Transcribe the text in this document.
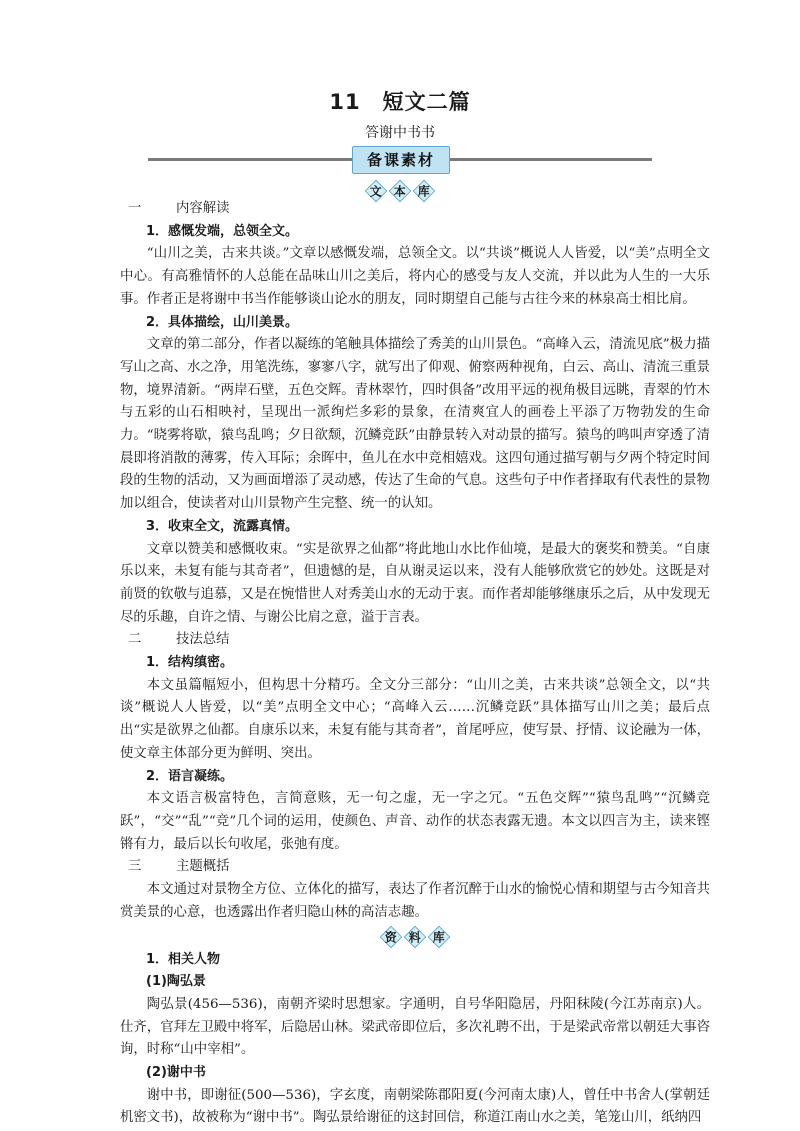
11　短文二篇
答谢中书书
备课素材
文 本 库

一	内容解读

1．感慨发端，总领全文。

“山川之美，古来共谈。”文章以感慨发端，总领全文。以“共谈”概说人人皆爱，以“美”点明全文中心。有高雅情怀的人总能在品味山川之美后，将内心的感受与友人交流，并以此为人生的一大乐事。作者正是将谢中书当作能够谈山论水的朋友，同时期望自己能与古往今来的林泉高士相比肩。

2．具体描绘，山川美景。

文章的第二部分，作者以凝练的笔触具体描绘了秀美的山川景色。“高峰入云，清流见底”极力描写山之高、水之净，用笔洗练，寥寥八字，就写出了仰观、俯察两种视角，白云、高山、清流三重景物，境界清新。“两岸石壁，五色交辉。青林翠竹，四时俱备”改用平远的视角极目远眺，青翠的竹木与五彩的山石相映衬，呈现出一派绚烂多彩的景象，在清爽宜人的画卷上平添了万物勃发的生命力。“晓雾将歇，猿鸟乱鸣；夕日欲颓，沉鳞竞跃”由静景转入对动景的描写。猿鸟的鸣叫声穿透了清晨即将消散的薄雾，传入耳际；余晖中，鱼儿在水中竞相嬉戏。这四句通过描写朝与夕两个特定时间段的生物的活动，又为画面增添了灵动感，传达了生命的气息。这些句子中作者择取有代表性的景物加以组合，使读者对山川景物产生完整、统一的认知。

3．收束全文，流露真情。

文章以赞美和感慨收束。“实是欲界之仙都”将此地山水比作仙境，是最大的褒奖和赞美。“自康乐以来，未复有能与其奇者”，但遗憾的是，自从谢灵运以来，没有人能够欣赏它的妙处。这既是对前贤的钦敬与追慕，又是在惋惜世人对秀美山水的无动于衷。而作者却能够继康乐之后，从中发现无尽的乐趣，自许之情、与谢公比肩之意，溢于言表。

二	技法总结

1．结构缜密。

本文虽篇幅短小，但构思十分精巧。全文分三部分：“山川之美，古来共谈”总领全文，以“共谈”概说人人皆爱，以“美”点明全文中心；“高峰入云……沉鳞竞跃”具体描写山川之美；最后点出“实是欲界之仙都。自康乐以来，未复有能与其奇者”，首尾呼应，使写景、抒情、议论融为一体，使文章主体部分更为鲜明、突出。

2．语言凝练。

本文语言极富特色，言简意赅，无一句之虚，无一字之冗。“五色交辉”“猿鸟乱鸣”“沉鳞竞跃”，“交”“乱”“竞”几个词的运用，使颜色、声音、动作的状态表露无遗。本文以四言为主，读来铿锵有力，最后以长句收尾，张弛有度。

三	主题概括

本文通过对景物全方位、立体化的描写，表达了作者沉醉于山水的愉悦心情和期望与古今知音共赏美景的心意，也透露出作者归隐山林的高洁志趣。

资 料 库

1．相关人物

(1)陶弘景

陶弘景(456—536)，南朝齐梁时思想家。字通明，自号华阳隐居，丹阳秣陵(今江苏南京)人。仕齐，官拜左卫殿中将军，后隐居山林。梁武帝即位后，多次礼聘不出，于是梁武帝常以朝廷大事咨询，时称“山中宰相”。

(2)谢中书

谢中书，即谢征(500—536)，字玄度，南朝梁陈郡阳夏(今河南太康)人，曾任中书舍人(掌朝廷机密文书)，故被称为“谢中书”。陶弘景给谢征的这封回信，称道江南山水之美，笔笼山川，纸纳四
